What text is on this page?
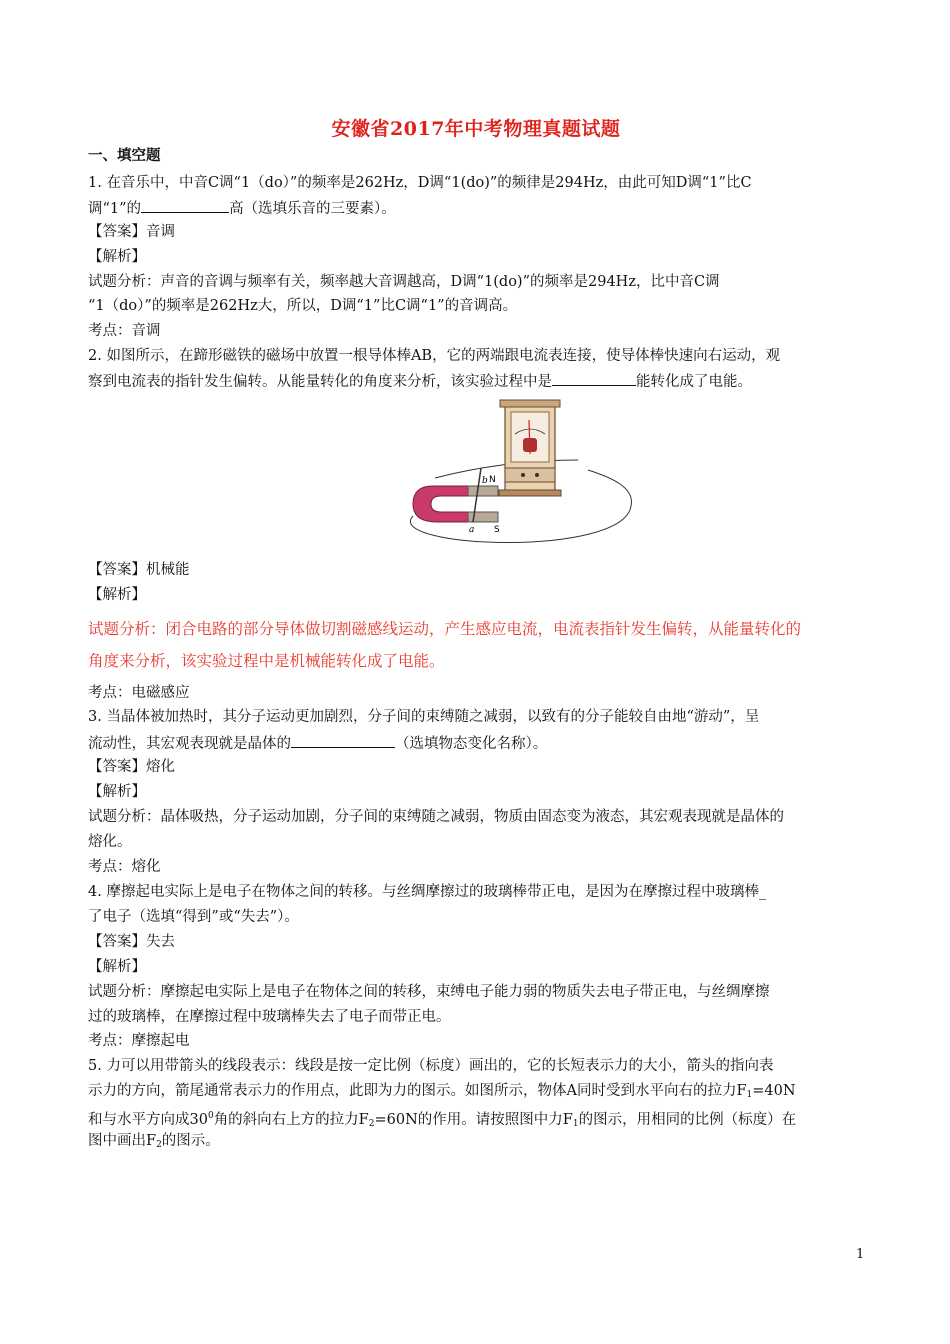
安徽省2017年中考物理真题试题
一、填空题
1. 在音乐中，中音C调“1（do）”的频率是262Hz，D调“1(do)”的频律是294Hz，由此可知D调“1”比C
调“1”的	高（选填乐音的三要素）。
【答案】音调
【解析】
试题分析：声音的音调与频率有关，频率越大音调越高，D调“1(do)”的频率是294Hz，比中音C调
“1（do）”的频率是262Hz大，所以，D调“1”比C调“1”的音调高。
考点：音调
2. 如图所示，在蹄形磁铁的磁场中放置一根导体棒AB，它的两端跟电流表连接，使导体棒快速向右运动，观
察到电流表的指针发生偏转。从能量转化的角度来分析，该实验过程中是	能转化成了电能。
N
S
a
b
【答案】机械能
【解析】
试题分析：闭合电路的部分导体做切割磁感线运动，产生感应电流，电流表指针发生偏转，从能量转化的
角度来分析，该实验过程中是机械能转化成了电能。
考点：电磁感应
3. 当晶体被加热时，其分子运动更加剧烈，分子间的束缚随之减弱，以致有的分子能较自由地“游动”，呈
流动性，其宏观表现就是晶体的	（选填物态变化名称）。
【答案】熔化
【解析】
试题分析：晶体吸热，分子运动加剧，分子间的束缚随之减弱，物质由固态变为液态，其宏观表现就是晶体的
熔化。
考点：熔化
4. 摩擦起电实际上是电子在物体之间的转移。与丝绸摩擦过的玻璃棒带正电，是因为在摩擦过程中玻璃棒_
了电子（选填“得到”或“失去”）。
【答案】失去
【解析】
试题分析：摩擦起电实际上是电子在物体之间的转移，束缚电子能力弱的物质失去电子带正电，与丝绸摩擦
过的玻璃棒，在摩擦过程中玻璃棒失去了电子而带正电。
考点：摩擦起电
5. 力可以用带箭头的线段表示：线段是按一定比例（标度）画出的，它的长短表示力的大小，箭头的指向表
示力的方向，箭尾通常表示力的作用点，此即为力的图示。如图所示，物体A同时受到水平向右的拉力$F_1=40N$
和与水平方向成$30^0$角的斜向右上方的拉力$F_2=60N$的作用。请按照图中力$F_1$的图示，用相同的比例（标度）在
图中画出$F_2$的图示。
1
